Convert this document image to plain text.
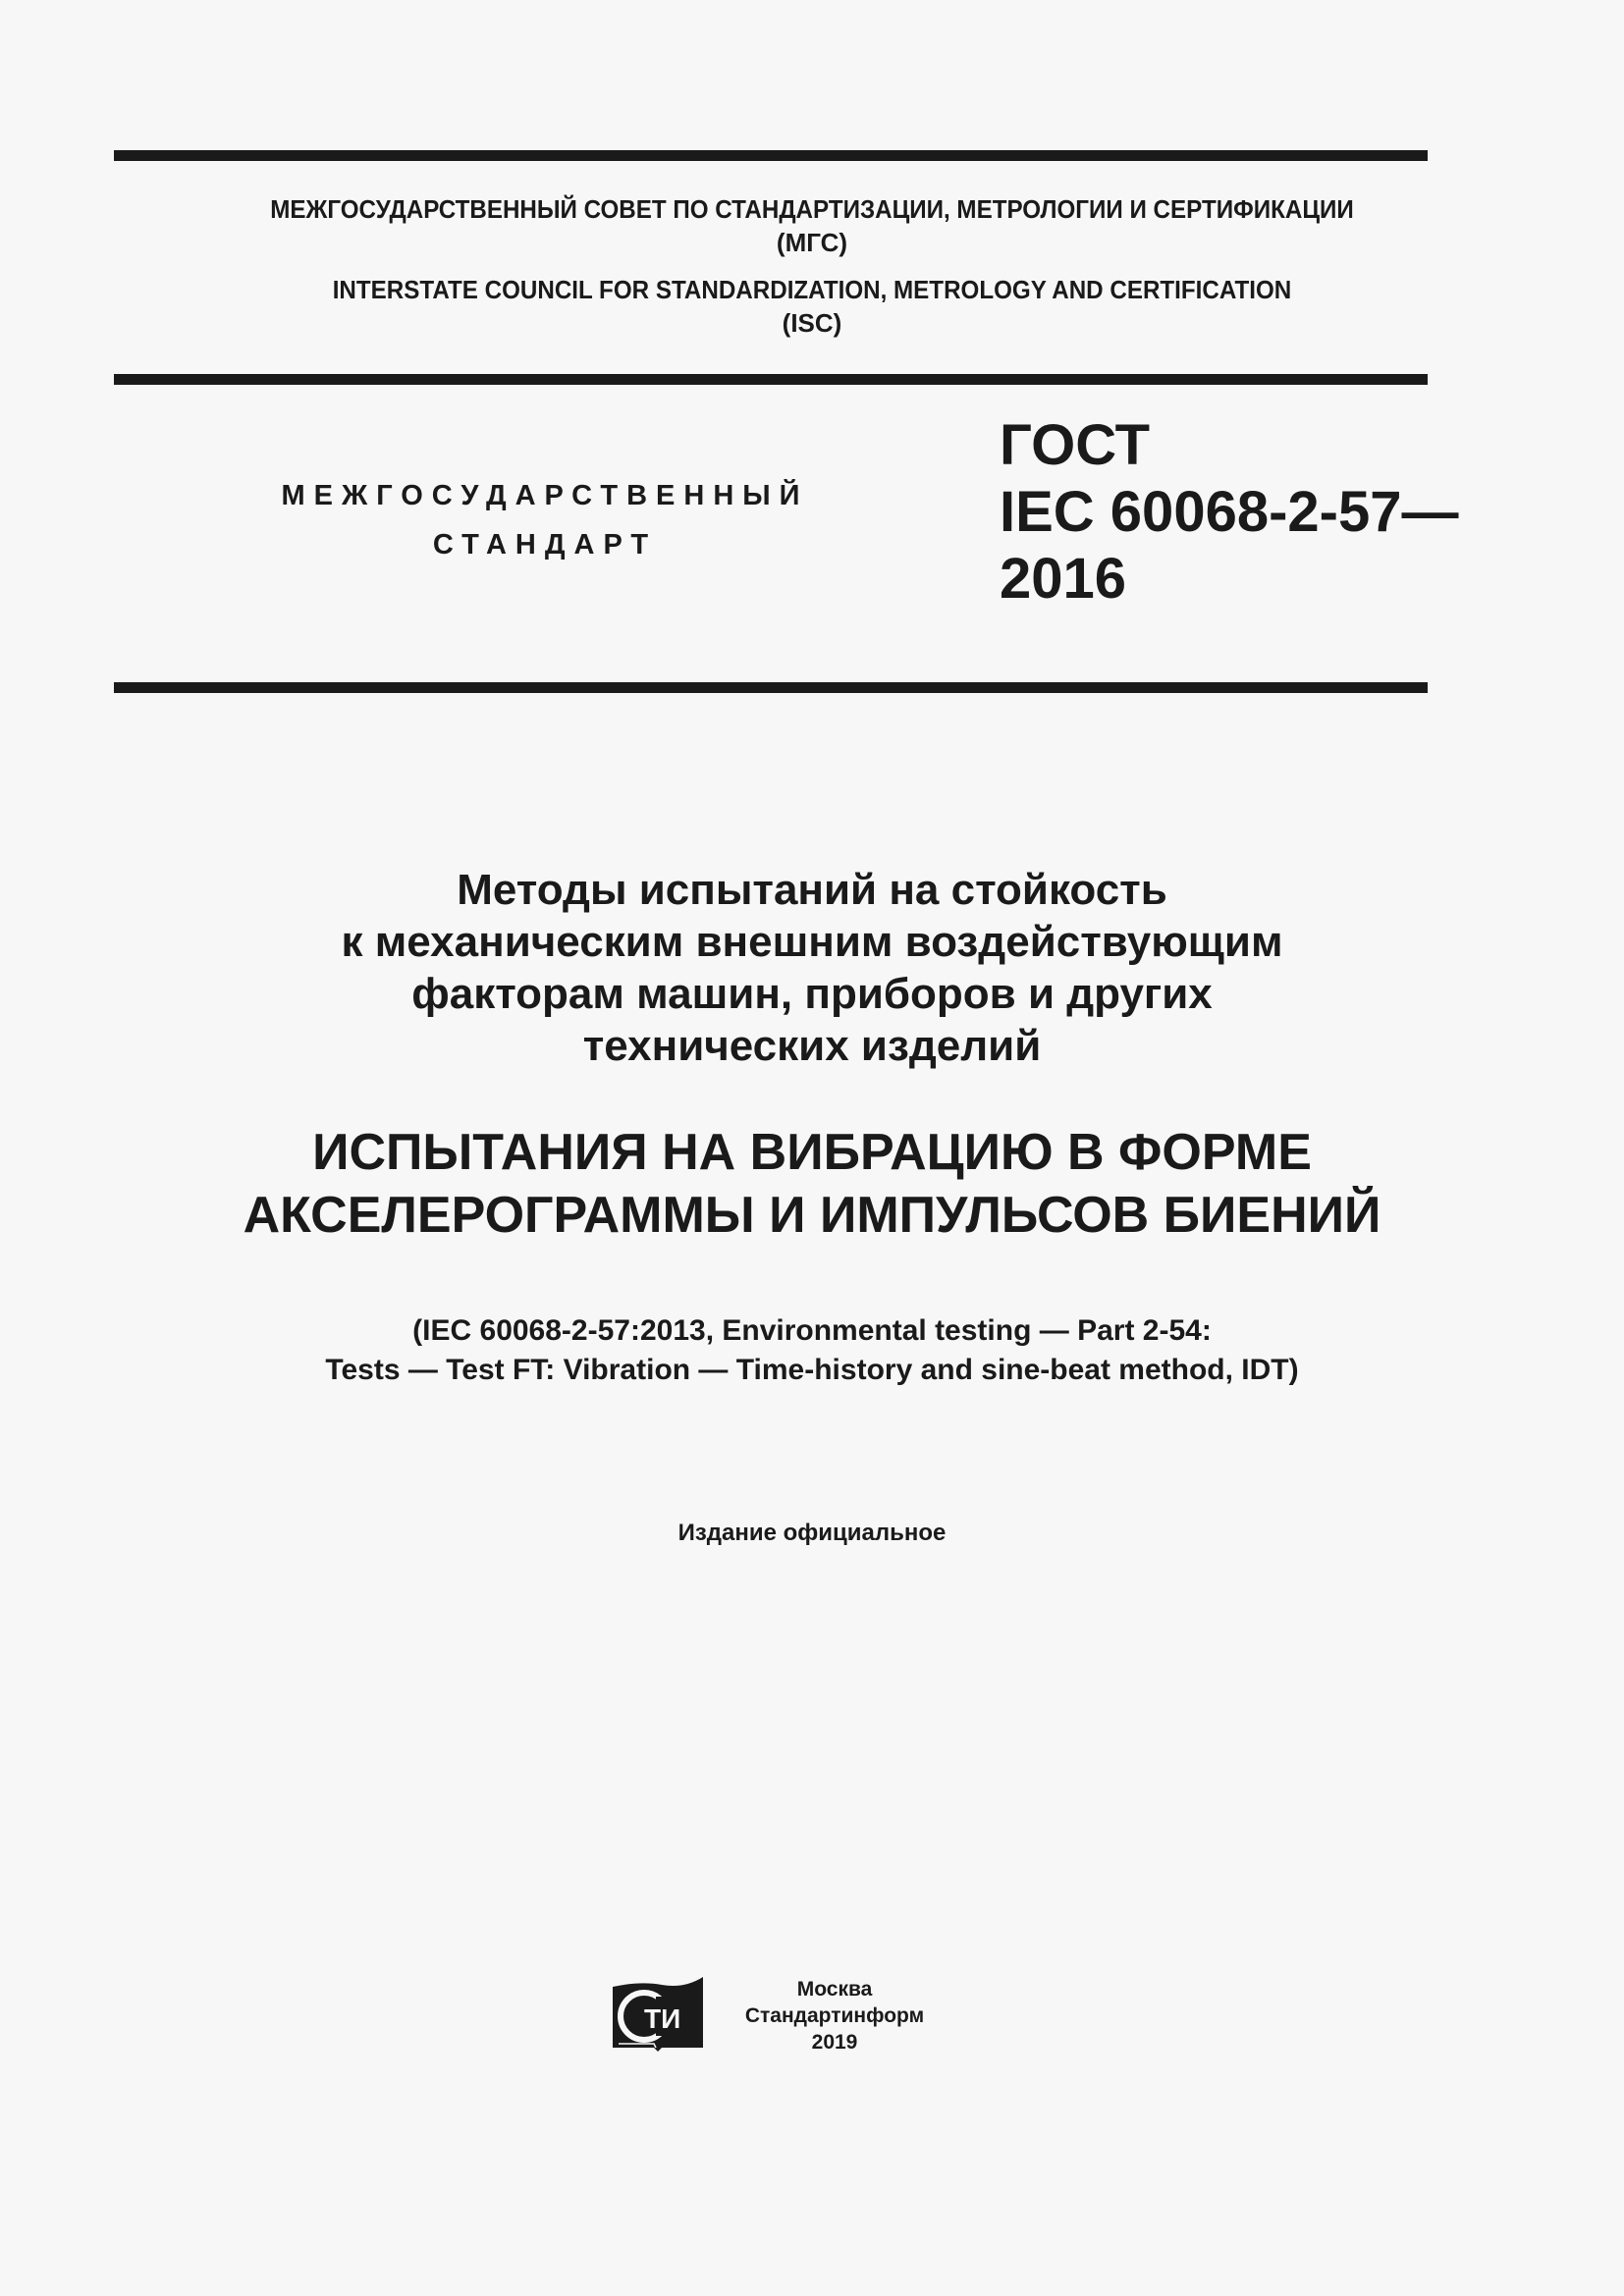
МЕЖГОСУДАРСТВЕННЫЙ СОВЕТ ПО СТАНДАРТИЗАЦИИ, МЕТРОЛОГИИ И СЕРТИФИКАЦИИ
(МГС)
INTERSTATE COUNCIL FOR STANDARDIZATION, METROLOGY AND CERTIFICATION
(ISC)
МЕЖГОСУДАРСТВЕННЫЙ
СТАНДАРТ
ГОСТ
IEC 60068-2-57—
2016
Методы испытаний на стойкость
к механическим внешним воздействующим
факторам машин, приборов и других
технических изделий
ИСПЫТАНИЯ НА ВИБРАЦИЮ В ФОРМЕ
АКСЕЛЕРОГРАММЫ И ИМПУЛЬСОВ БИЕНИЙ
(IEC 60068-2-57:2013, Environmental testing — Part 2-54:
Tests — Test FT: Vibration — Time-history and sine-beat method, IDT)
Издание официальное
ТИ
Москва
Стандартинформ
2019
